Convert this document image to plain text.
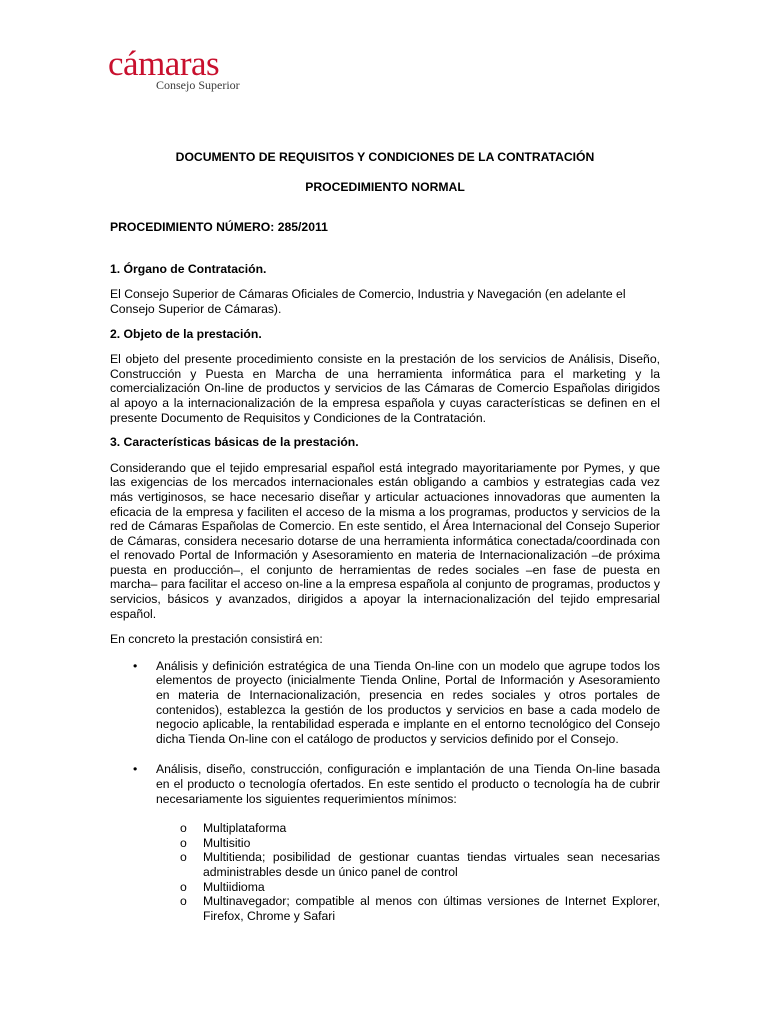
cámaras
Consejo Superior

DOCUMENTO DE REQUISITOS Y CONDICIONES DE LA CONTRATACIÓN

PROCEDIMIENTO NORMAL

PROCEDIMIENTO NÚMERO: 285/2011

1. Órgano de Contratación.

El Consejo Superior de Cámaras Oficiales de Comercio, Industria y Navegación (en adelante el Consejo Superior de Cámaras).

2. Objeto de la prestación.

El objeto del presente procedimiento consiste en la prestación de los servicios de Análisis, Diseño, Construcción y Puesta en Marcha de una herramienta informática para el marketing y la comercialización On-line de productos y servicios de las Cámaras de Comercio Españolas dirigidos al apoyo a la internacionalización de la empresa española y cuyas características se definen en el presente Documento de Requisitos y Condiciones de la Contratación.

3. Características básicas de la prestación.

Considerando que el tejido empresarial español está integrado mayoritariamente por Pymes, y que las exigencias de los mercados internacionales están obligando a cambios y estrategias cada vez más vertiginosos, se hace necesario diseñar y articular actuaciones innovadoras que aumenten la eficacia de la empresa y faciliten el acceso de la misma a los programas, productos y servicios de la red de Cámaras Españolas de Comercio. En este sentido, el Área Internacional del Consejo Superior de Cámaras, considera necesario dotarse de una herramienta informática conectada/coordinada con el renovado Portal de Información y Asesoramiento en materia de Internacionalización –de próxima puesta en producción–, el conjunto de herramientas de redes sociales –en fase de puesta en marcha– para facilitar el acceso on-line a la empresa española al conjunto de programas, productos y servicios, básicos y avanzados, dirigidos a apoyar la internacionalización del tejido empresarial español.

En concreto la prestación consistirá en:

• Análisis y definición estratégica de una Tienda On-line con un modelo que agrupe todos los elementos de proyecto (inicialmente Tienda Online, Portal de Información y Asesoramiento en materia de Internacionalización, presencia en redes sociales y otros portales de contenidos), establezca la gestión de los productos y servicios en base a cada modelo de negocio aplicable, la rentabilidad esperada e implante en el entorno tecnológico del Consejo dicha Tienda On-line con el catálogo de productos y servicios definido por el Consejo.
• Análisis, diseño, construcción, configuración e implantación de una Tienda On-line basada en el producto o tecnología ofertados. En este sentido el producto o tecnología ha de cubrir necesariamente los siguientes requerimientos mínimos:
o Multiplataforma
o Multisitio
o Multitienda; posibilidad de gestionar cuantas tiendas virtuales sean necesarias administrables desde un único panel de control
o Multiidioma
o Multinavegador; compatible al menos con últimas versiones de Internet Explorer, Firefox, Chrome y Safari
